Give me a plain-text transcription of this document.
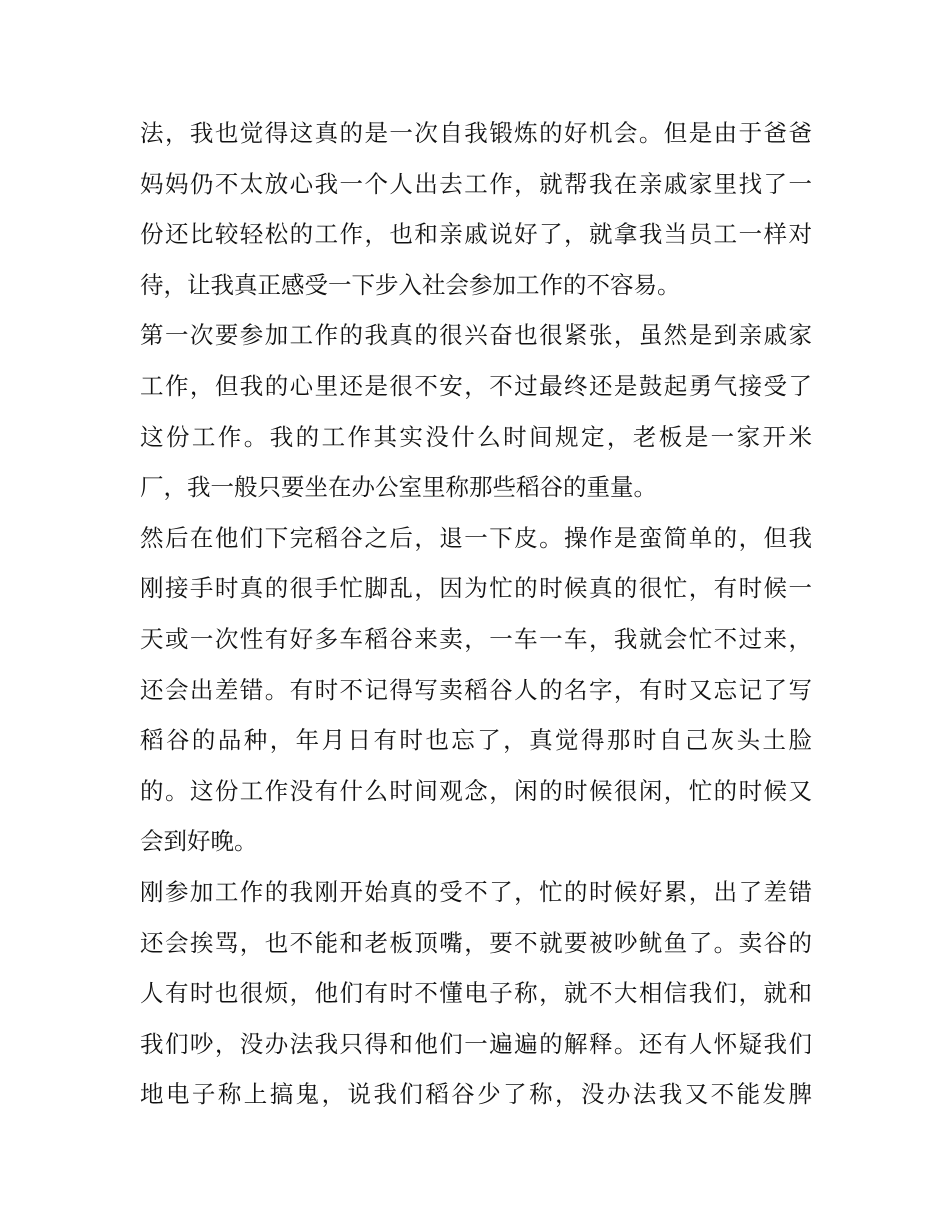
法，我也觉得这真的是一次自我锻炼的好机会。但是由于爸爸
妈妈仍不太放心我一个人出去工作，就帮我在亲戚家里找了一
份还比较轻松的工作，也和亲戚说好了，就拿我当员工一样对
待，让我真正感受一下步入社会参加工作的不容易。
第一次要参加工作的我真的很兴奋也很紧张，虽然是到亲戚家
工作，但我的心里还是很不安，不过最终还是鼓起勇气接受了
这份工作。我的工作其实没什么时间规定，老板是一家开米
厂，我一般只要坐在办公室里称那些稻谷的重量。
然后在他们下完稻谷之后，退一下皮。操作是蛮简单的，但我
刚接手时真的很手忙脚乱，因为忙的时候真的很忙，有时候一
天或一次性有好多车稻谷来卖，一车一车，我就会忙不过来，
还会出差错。有时不记得写卖稻谷人的名字，有时又忘记了写
稻谷的品种，年月日有时也忘了，真觉得那时自己灰头土脸
的。这份工作没有什么时间观念，闲的时候很闲，忙的时候又
会到好晚。
刚参加工作的我刚开始真的受不了，忙的时候好累，出了差错
还会挨骂，也不能和老板顶嘴，要不就要被吵鱿鱼了。卖谷的
人有时也很烦，他们有时不懂电子称，就不大相信我们，就和
我们吵，没办法我只得和他们一遍遍的解释。还有人怀疑我们
地电子称上搞鬼，说我们稻谷少了称，没办法我又不能发脾
